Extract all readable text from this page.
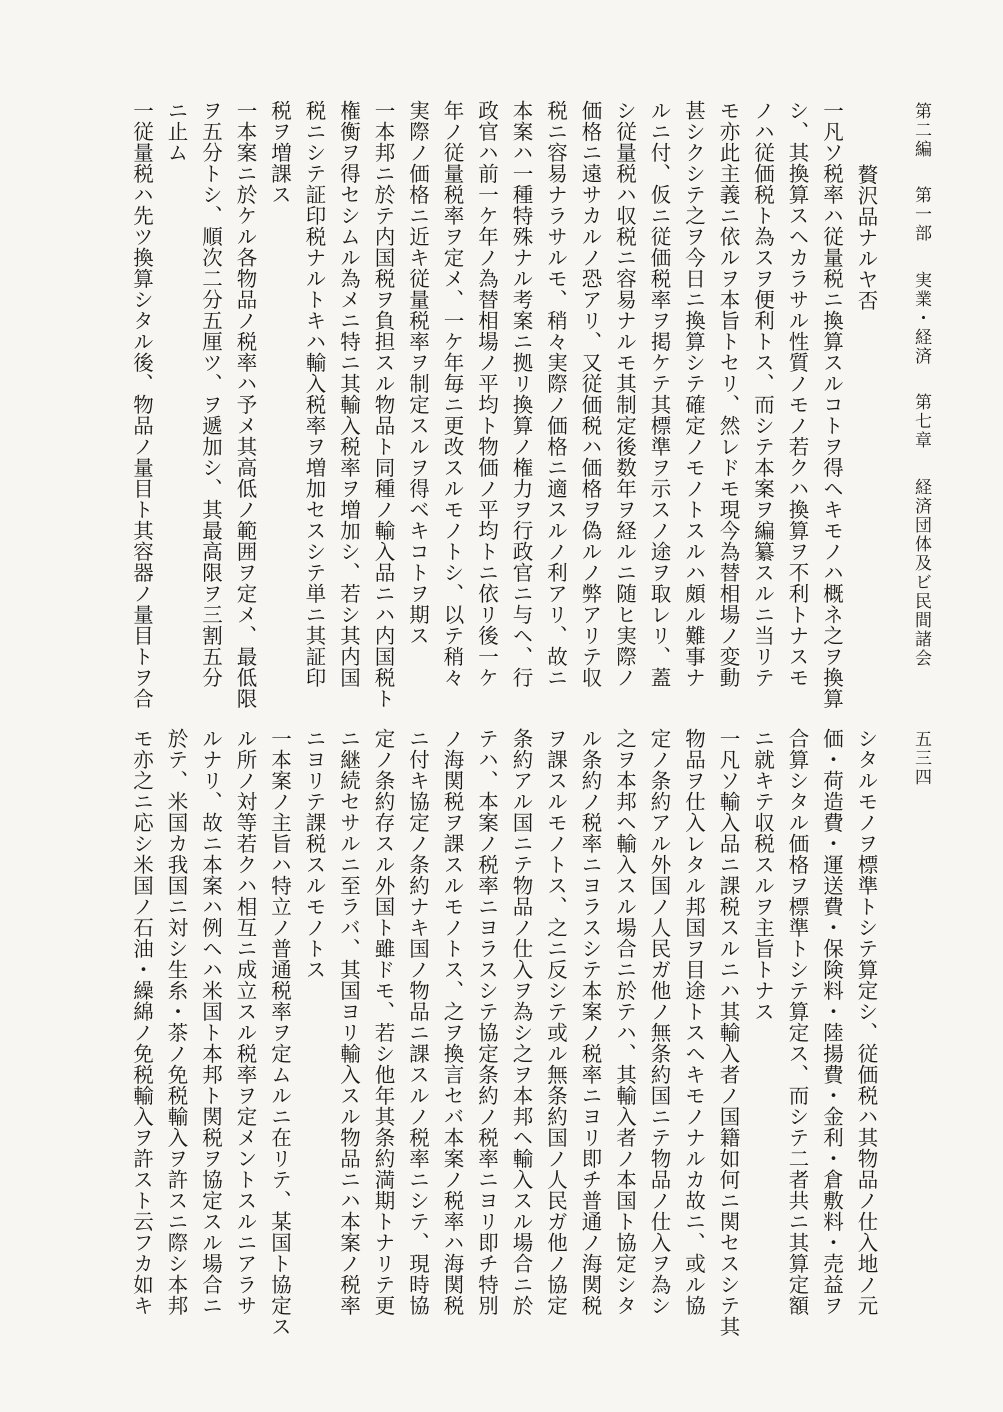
第二編 第一部 実業・経済 第七章 経済団体及ビ民間諸会
五三四
贅沢品ナルヤ否
一凡ソ税率ハ従量税ニ換算スルコトヲ得ヘキモノハ概ネ之ヲ換算
シ、其換算スヘカラサル性質ノモノ若クハ換算ヲ不利トナスモ
ノハ従価税ト為スヲ便利トス、而シテ本案ヲ編纂スルニ当リテ
モ亦此主義ニ依ルヲ本旨トセリ、然レドモ現今為替相場ノ変動
甚シクシテ之ヲ今日ニ換算シテ確定ノモノトスルハ頗ル難事ナ
ルニ付、仮ニ従価税率ヲ掲ケテ其標準ヲ示スノ途ヲ取レリ、蓋
シ従量税ハ収税ニ容易ナルモ其制定後数年ヲ経ルニ随ヒ実際ノ
価格ニ遠サカルノ恐アリ、又従価税ハ価格ヲ偽ルノ弊アリテ収
税ニ容易ナラサルモ、稍々実際ノ価格ニ適スルノ利アリ、故ニ
本案ハ一種特殊ナル考案ニ拠リ換算ノ権力ヲ行政官ニ与ヘ、行
政官ハ前一ケ年ノ為替相場ノ平均ト物価ノ平均トニ依リ後一ケ
年ノ従量税率ヲ定メ、一ケ年毎ニ更改スルモノトシ、以テ稍々
実際ノ価格ニ近キ従量税率ヲ制定スルヲ得ベキコトヲ期ス
一本邦ニ於テ内国税ヲ負担スル物品ト同種ノ輸入品ニハ内国税ト
権衡ヲ得セシムル為メニ特ニ其輸入税率ヲ増加シ、若シ其内国
税ニシテ証印税ナルトキハ輸入税率ヲ増加セスシテ単ニ其証印
税ヲ増課ス
一本案ニ於ケル各物品ノ税率ハ予メ其高低ノ範囲ヲ定メ、最低限
ヲ五分トシ、順次二分五厘ツ、ヲ遞加シ、其最高限ヲ三割五分
ニ止ム
一従量税ハ先ツ換算シタル後、物品ノ量目ト其容器ノ量目トヲ合
シタルモノヲ標準トシテ算定シ、従価税ハ其物品ノ仕入地ノ元
価・荷造費・運送費・保険料・陸揚費・金利・倉敷料・売益ヲ
合算シタル価格ヲ標準トシテ算定ス、而シテ二者共ニ其算定額
ニ就キテ収税スルヲ主旨トナス
一凡ソ輸入品ニ課税スルニハ其輸入者ノ国籍如何ニ関セスシテ其
物品ヲ仕入レタル邦国ヲ目途トスヘキモノナルカ故ニ、或ル協
定ノ条約アル外国ノ人民ガ他ノ無条約国ニテ物品ノ仕入ヲ為シ
之ヲ本邦ヘ輸入スル場合ニ於テハ、其輸入者ノ本国ト協定シタ
ル条約ノ税率ニヨラスシテ本案ノ税率ニヨリ即チ普通ノ海関税
ヲ課スルモノトス、之ニ反シテ或ル無条約国ノ人民ガ他ノ協定
条約アル国ニテ物品ノ仕入ヲ為シ之ヲ本邦ヘ輸入スル場合ニ於
テハ、本案ノ税率ニヨラスシテ協定条約ノ税率ニヨリ即チ特別
ノ海関税ヲ課スルモノトス、之ヲ換言セバ本案ノ税率ハ海関税
ニ付キ協定ノ条約ナキ国ノ物品ニ課スルノ税率ニシテ、現時協
定ノ条約存スル外国ト雖ドモ、若シ他年其条約満期トナリテ更
ニ継続セサルニ至ラバ、其国ヨリ輸入スル物品ニハ本案ノ税率
ニヨリテ課税スルモノトス
一本案ノ主旨ハ特立ノ普通税率ヲ定ムルニ在リテ、某国ト協定ス
ル所ノ対等若クハ相互ニ成立スル税率ヲ定メントスルニアラサ
ルナリ、故ニ本案ハ例ヘハ米国ト本邦ト関税ヲ協定スル場合ニ
於テ、米国カ我国ニ対シ生糸・茶ノ免税輸入ヲ許スニ際シ本邦
モ亦之ニ応シ米国ノ石油・繰綿ノ免税輸入ヲ許スト云フカ如キ
